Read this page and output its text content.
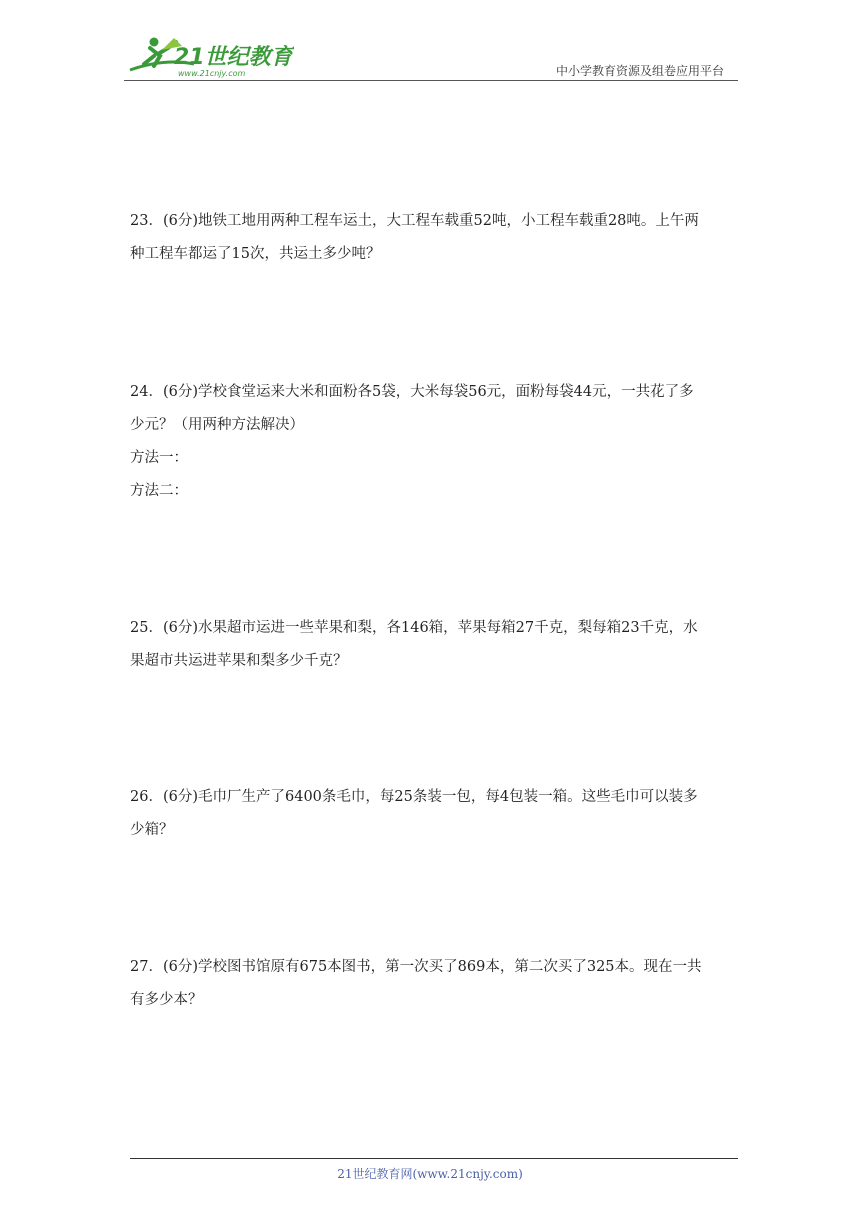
21世纪教育
www.21cnjy.com	中小学教育资源及组卷应用平台

23．(6分)地铁工地用两种工程车运土，大工程车载重52吨，小工程车载重28吨。上午两

种工程车都运了15次，共运土多少吨？

24．(6分)学校食堂运来大米和面粉各5袋，大米每袋56元，面粉每袋44元，一共花了多

少元？（用两种方法解决）

方法一：

方法二：

25．(6分)水果超市运进一些苹果和梨，各146箱，苹果每箱27千克，梨每箱23千克，水

果超市共运进苹果和梨多少千克？

26．(6分)毛巾厂生产了6400条毛巾，每25条装一包，每4包装一箱。这些毛巾可以装多

少箱？

27．(6分)学校图书馆原有675本图书，第一次买了869本，第二次买了325本。现在一共

有多少本？

21世纪教育网(www.21cnjy.com)
